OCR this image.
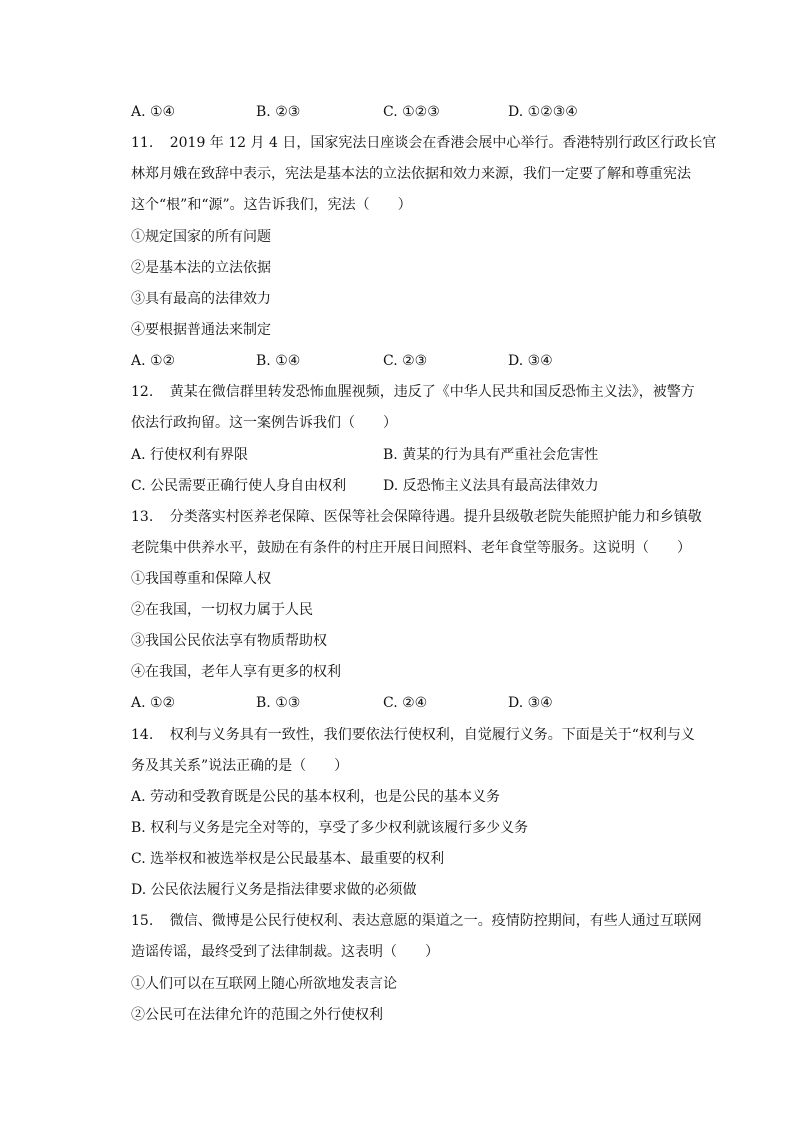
A. ①④	B. ②③	C. ①②③	D. ①②③④
11. 2019 年 12 月 4 日，国家宪法日座谈会在香港会展中心举行。香港特别行政区行政长官
林郑月娥在致辞中表示，宪法是基本法的立法依据和效力来源，我们一定要了解和尊重宪法
这个“根”和“源”。这告诉我们，宪法（　　）
①规定国家的所有问题
②是基本法的立法依据
③具有最高的法律效力
④要根据普通法来制定
A. ①②	B. ①④	C. ②③	D. ③④
12. 黄某在微信群里转发恐怖血腥视频，违反了《中华人民共和国反恐怖主义法》，被警方
依法行政拘留。这一案例告诉我们（　　）
A. 行使权利有界限	B. 黄某的行为具有严重社会危害性
C. 公民需要正确行使人身自由权利	D. 反恐怖主义法具有最高法律效力
13. 分类落实村医养老保障、医保等社会保障待遇。提升县级敬老院失能照护能力和乡镇敬
老院集中供养水平，鼓励在有条件的村庄开展日间照料、老年食堂等服务。这说明（　　）
①我国尊重和保障人权
②在我国，一切权力属于人民
③我国公民依法享有物质帮助权
④在我国，老年人享有更多的权利
A. ①②	B. ①③	C. ②④	D. ③④
14. 权利与义务具有一致性，我们要依法行使权利，自觉履行义务。下面是关于“权利与义
务及其关系”说法正确的是（　　）
A. 劳动和受教育既是公民的基本权利，也是公民的基本义务
B. 权利与义务是完全对等的，享受了多少权利就该履行多少义务
C. 选举权和被选举权是公民最基本、最重要的权利
D. 公民依法履行义务是指法律要求做的必须做
15. 微信、微博是公民行使权利、表达意愿的渠道之一。疫情防控期间，有些人通过互联网
造谣传谣，最终受到了法律制裁。这表明（　　）
①人们可以在互联网上随心所欲地发表言论
②公民可在法律允许的范围之外行使权利
